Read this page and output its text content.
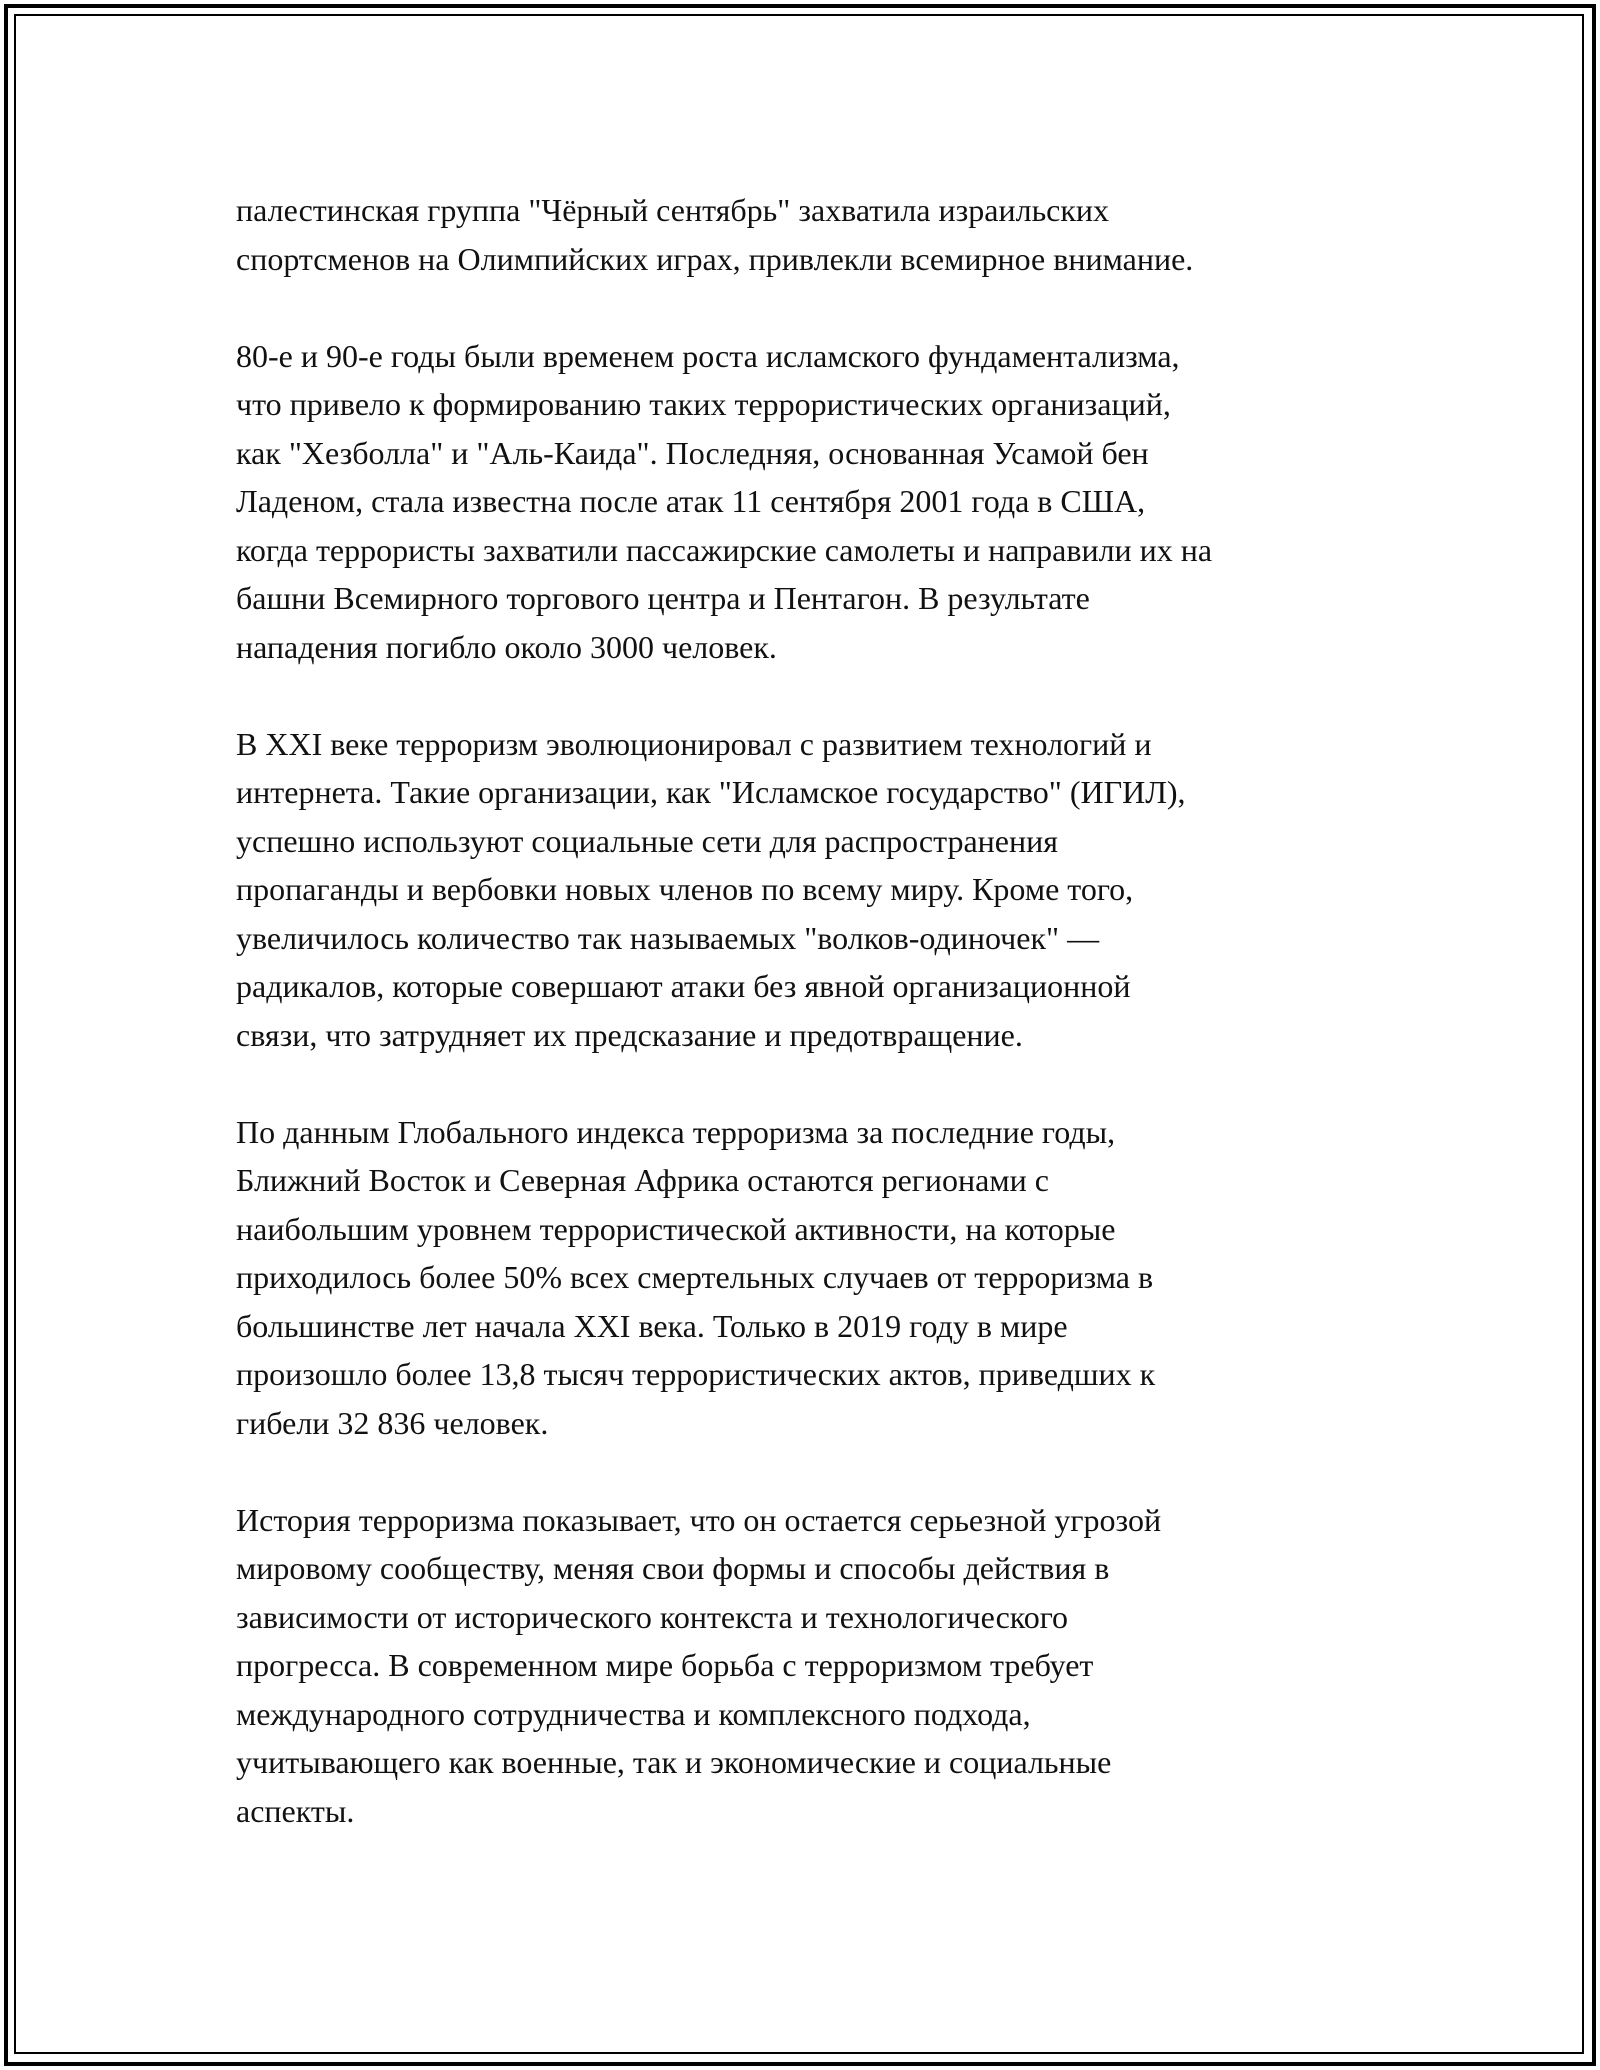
палестинская группа "Чёрный сентябрь" захватила израильских
спортсменов на Олимпийских играх, привлекли всемирное внимание.

80-е и 90-е годы были временем роста исламского фундаментализма,
что привело к формированию таких террористических организаций,
как "Хезболла" и "Аль-Каида". Последняя, основанная Усамой бен
Ладеном, стала известна после атак 11 сентября 2001 года в США,
когда террористы захватили пассажирские самолеты и направили их на
башни Всемирного торгового центра и Пентагон. В результате
нападения погибло около 3000 человек.

В XXI веке терроризм эволюционировал с развитием технологий и
интернета. Такие организации, как "Исламское государство" (ИГИЛ),
успешно используют социальные сети для распространения
пропаганды и вербовки новых членов по всему миру. Кроме того,
увеличилось количество так называемых "волков-одиночек" —
радикалов, которые совершают атаки без явной организационной
связи, что затрудняет их предсказание и предотвращение.

По данным Глобального индекса терроризма за последние годы,
Ближний Восток и Северная Африка остаются регионами с
наибольшим уровнем террористической активности, на которые
приходилось более 50% всех смертельных случаев от терроризма в
большинстве лет начала XXI века. Только в 2019 году в мире
произошло более 13,8 тысяч террористических актов, приведших к
гибели 32 836 человек.

История терроризма показывает, что он остается серьезной угрозой
мировому сообществу, меняя свои формы и способы действия в
зависимости от исторического контекста и технологического
прогресса. В современном мире борьба с терроризмом требует
международного сотрудничества и комплексного подхода,
учитывающего как военные, так и экономические и социальные
аспекты.
